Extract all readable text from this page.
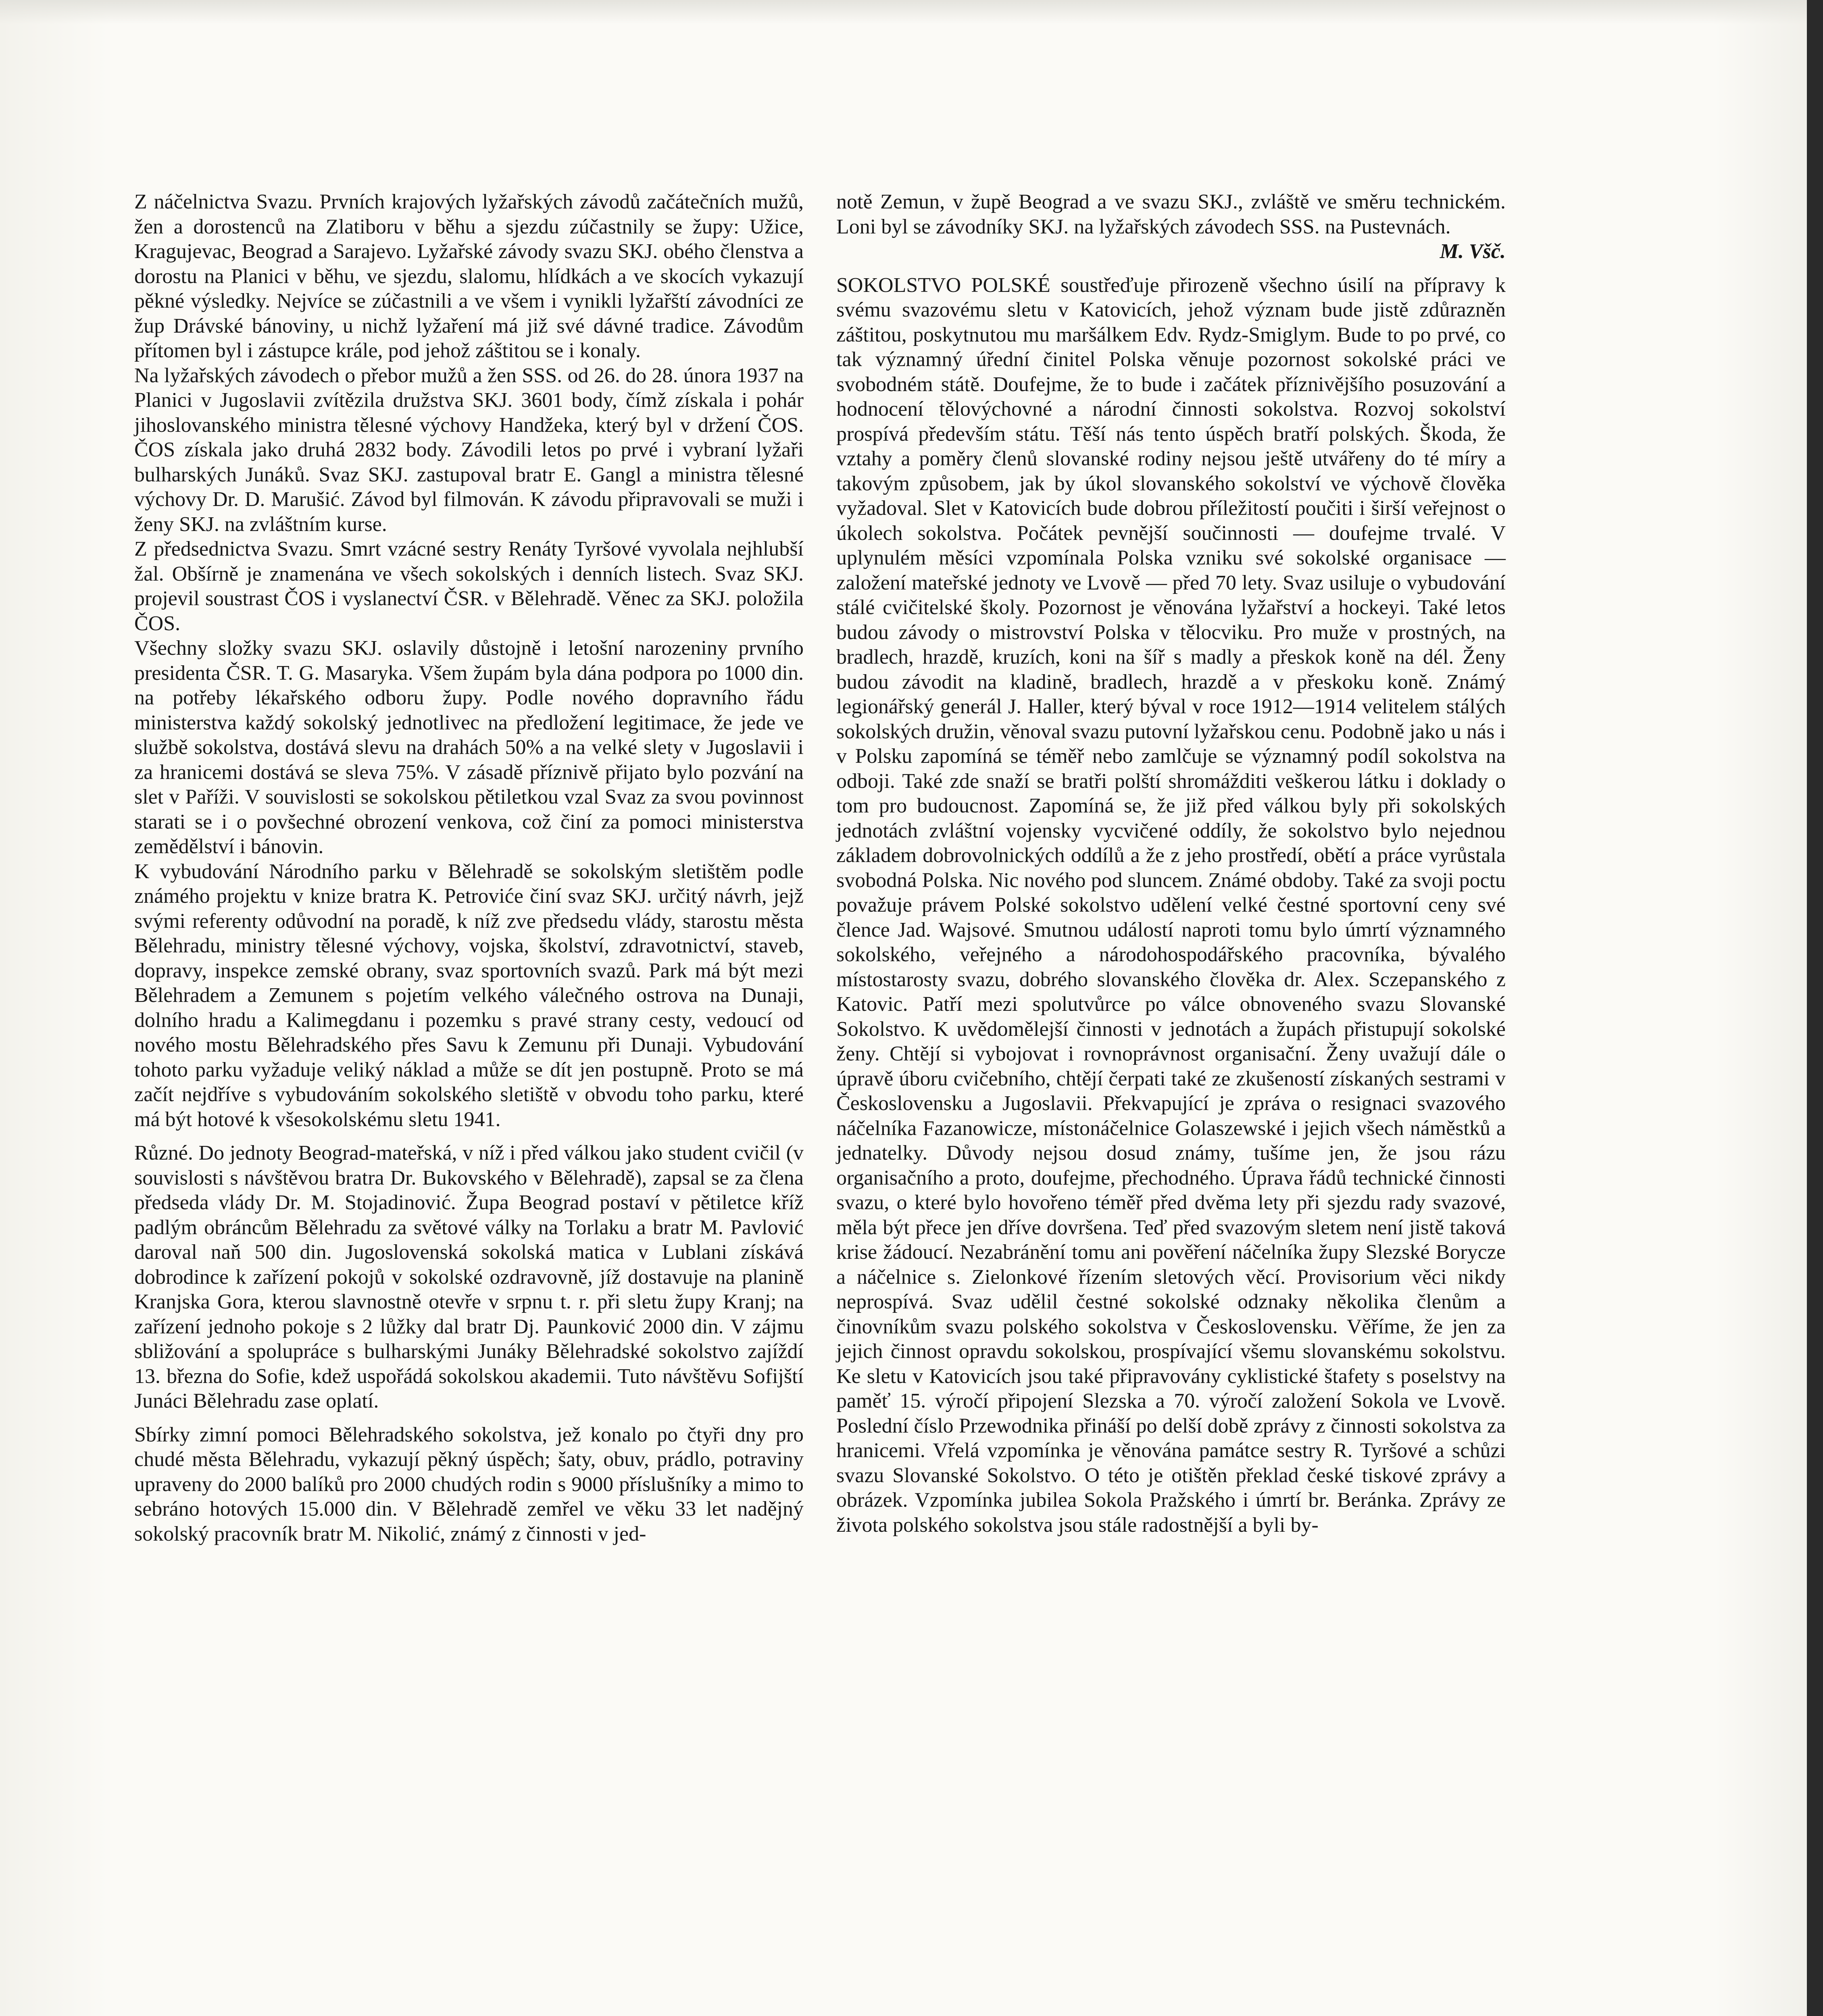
Z náčelnictva Svazu. Prvních krajových lyžařských závodů začátečních mužů, žen a dorostenců na Zlatiboru v běhu a sjezdu zúčastnily se župy: Užice, Kragujevac, Beograd a Sarajevo. Lyžařské závody svazu SKJ. obého členstva a dorostu na Planici v běhu, ve sjezdu, slalomu, hlídkách a ve skocích vykazují pěkné výsledky. Nejvíce se zúčastnili a ve všem i vynikli lyžařští závodníci ze žup Drávské bánoviny, u nichž lyžaření má již své dávné tradice. Závodům přítomen byl i zástupce krále, pod jehož záštitou se i konaly.

Na lyžařských závodech o přebor mužů a žen SSS. od 26. do 28. února 1937 na Planici v Jugoslavii zvítězila družstva SKJ. 3601 body, čímž získala i pohár jihoslovanského ministra tělesné výchovy Handžeka, který byl v držení ČOS. ČOS získala jako druhá 2832 body. Závodili letos po prvé i vybraní lyžaři bulharských Junáků. Svaz SKJ. zastupoval bratr E. Gangl a ministra tělesné výchovy Dr. D. Marušić. Závod byl filmován. K závodu připravovali se muži i ženy SKJ. na zvláštním kurse.

Z předsednictva Svazu. Smrt vzácné sestry Renáty Tyršové vyvolala nejhlubší žal. Obšírně je znamenána ve všech sokolských i denních listech. Svaz SKJ. projevil soustrast ČOS i vyslanectví ČSR. v Bělehradě. Věnec za SKJ. položila ČOS.

Všechny složky svazu SKJ. oslavily důstojně i letošní narozeniny prvního presidenta ČSR. T. G. Masaryka. Všem župám byla dána podpora po 1000 din. na potřeby lékařského odboru župy. Podle nového dopravního řádu ministerstva každý sokolský jednotlivec na předložení legitimace, že jede ve službě sokolstva, dostává slevu na drahách 50% a na velké slety v Jugoslavii i za hranicemi dostává se sleva 75%. V zásadě příznivě přijato bylo pozvání na slet v Paříži. V souvislosti se sokolskou pětiletkou vzal Svaz za svou povinnost starati se i o povšechné obrození venkova, což činí za pomoci ministerstva zemědělství i bánovin.

K vybudování Národního parku v Bělehradě se sokolským sletištěm podle známého projektu v knize bratra K. Petroviće činí svaz SKJ. určitý návrh, jejž svými referenty odůvodní na poradě, k níž zve předsedu vlády, starostu města Bělehradu, ministry tělesné výchovy, vojska, školství, zdravotnictví, staveb, dopravy, inspekce zemské obrany, svaz sportovních svazů. Park má být mezi Bělehradem a Zemunem s pojetím velkého válečného ostrova na Dunaji, dolního hradu a Kalimegdanu i pozemku s pravé strany cesty, vedoucí od nového mostu Bělehradského přes Savu k Zemunu při Dunaji. Vybudování tohoto parku vyžaduje veliký náklad a může se dít jen postupně. Proto se má začít nejdříve s vybudováním sokolského sletiště v obvodu toho parku, které má být hotové k všesokolskému sletu 1941.

Různé. Do jednoty Beograd-mateřská, v níž i před válkou jako student cvičil (v souvislosti s návštěvou bratra Dr. Bukovského v Bělehradě), zapsal se za člena předseda vlády Dr. M. Stojadinović. Župa Beograd postaví v pětiletce kříž padlým obráncům Bělehradu za světové války na Torlaku a bratr M. Pavlović daroval naň 500 din. Jugoslovenská sokolská matica v Lublani získává dobrodince k zařízení pokojů v sokolské ozdravovně, jíž dostavuje na planině Kranjska Gora, kterou slavnostně otevře v srpnu t. r. při sletu župy Kranj; na zařízení jednoho pokoje s 2 lůžky dal bratr Dj. Paunković 2000 din. V zájmu sbližování a spolupráce s bulharskými Junáky Bělehradské sokolstvo zajíždí 13. března do Sofie, kdež uspořádá sokolskou akademii. Tuto návštěvu Sofijští Junáci Bělehradu zase oplatí.

Sbírky zimní pomoci Bělehradského sokolstva, jež konalo po čtyři dny pro chudé města Bělehradu, vykazují pěkný úspěch; šaty, obuv, prádlo, potraviny upraveny do 2000 balíků pro 2000 chudých rodin s 9000 příslušníky a mimo to sebráno hotových 15.000 din. V Bělehradě zemřel ve věku 33 let nadějný sokolský pracovník bratr M. Nikolić, známý z činnosti v jed-

notě Zemun, v župě Beograd a ve svazu SKJ., zvláště ve směru technickém. Loni byl se závodníky SKJ. na lyžařských závodech SSS. na Pustevnách.

M. Všč.

SOKOLSTVO POLSKÉ soustřeďuje přirozeně všechno úsilí na přípravy k svému svazovému sletu v Katovicích, jehož význam bude jistě zdůrazněn záštitou, poskytnutou mu maršálkem Edv. Rydz-Smiglym. Bude to po prvé, co tak významný úřední činitel Polska věnuje pozornost sokolské práci ve svobodném státě. Doufejme, že to bude i začátek příznivějšího posuzování a hodnocení tělovýchovné a národní činnosti sokolstva. Rozvoj sokolství prospívá především státu. Těší nás tento úspěch bratří polských. Škoda, že vztahy a poměry členů slovanské rodiny nejsou ještě utvářeny do té míry a takovým způsobem, jak by úkol slovanského sokolství ve výchově člověka vyžadoval. Slet v Katovicích bude dobrou příležitostí poučiti i širší veřejnost o úkolech sokolstva. Počátek pevnější součinnosti — doufejme trvalé. V uplynulém měsíci vzpomínala Polska vzniku své sokolské organisace — založení mateřské jednoty ve Lvově — před 70 lety. Svaz usiluje o vybudování stálé cvičitelské školy. Pozornost je věnována lyžařství a hockeyi. Také letos budou závody o mistrovství Polska v tělocviku. Pro muže v prostných, na bradlech, hrazdě, kruzích, koni na šíř s madly a přeskok koně na dél. Ženy budou závodit na kladině, bradlech, hrazdě a v přeskoku koně. Známý legionářský generál J. Haller, který býval v roce 1912—1914 velitelem stálých sokolských družin, věnoval svazu putovní lyžařskou cenu. Podobně jako u nás i v Polsku zapomíná se téměř nebo zamlčuje se významný podíl sokolstva na odboji. Také zde snaží se bratři polští shromážditi veškerou látku i doklady o tom pro budoucnost. Zapomíná se, že již před válkou byly při sokolských jednotách zvláštní vojensky vycvičené oddíly, že sokolstvo bylo nejednou základem dobrovolnických oddílů a že z jeho prostředí, obětí a práce vyrůstala svobodná Polska. Nic nového pod sluncem. Známé obdoby. Také za svoji poctu považuje právem Polské sokolstvo udělení velké čestné sportovní ceny své člence Jad. Wajsové. Smutnou událostí naproti tomu bylo úmrtí významného sokolského, veřejného a národohospodářského pracovníka, bývalého místostarosty svazu, dobrého slovanského člověka dr. Alex. Sczepanského z Katovic. Patří mezi spolutvůrce po válce obnoveného svazu Slovanské Sokolstvo. K uvědomělejší činnosti v jednotách a župách přistupují sokolské ženy. Chtějí si vybojovat i rovnoprávnost organisační. Ženy uvažují dále o úpravě úboru cvičebního, chtějí čerpati také ze zkušeností získaných sestrami v Československu a Jugoslavii. Překvapující je zpráva o resignaci svazového náčelníka Fazanowicze, místonáčelnice Golaszewské i jejich všech náměstků a jednatelky. Důvody nejsou dosud známy, tušíme jen, že jsou rázu organisačního a proto, doufejme, přechodného. Úprava řádů technické činnosti svazu, o které bylo hovořeno téměř před dvěma lety při sjezdu rady svazové, měla být přece jen dříve dovršena. Teď před svazovým sletem není jistě taková krise žádoucí. Nezabránění tomu ani pověření náčelníka župy Slezské Borycze a náčelnice s. Zielonkové řízením sletových věcí. Provisorium věci nikdy neprospívá. Svaz udělil čestné sokolské odznaky několika členům a činovníkům svazu polského sokolstva v Československu. Věříme, že jen za jejich činnost opravdu sokolskou, prospívající všemu slovanskému sokolstvu. Ke sletu v Katovicích jsou také připravovány cyklistické štafety s poselstvy na paměť 15. výročí připojení Slezska a 70. výročí založení Sokola ve Lvově. Poslední číslo Przewodnika přináší po delší době zprávy z činnosti sokolstva za hranicemi. Vřelá vzpomínka je věnována památce sestry R. Tyršové a schůzi svazu Slovanské Sokolstvo. O této je otištěn překlad české tiskové zprávy a obrázek. Vzpomínka jubilea Sokola Pražského i úmrtí br. Beránka. Zprávy ze života polského sokolstva jsou stále radostnější a byli by-
